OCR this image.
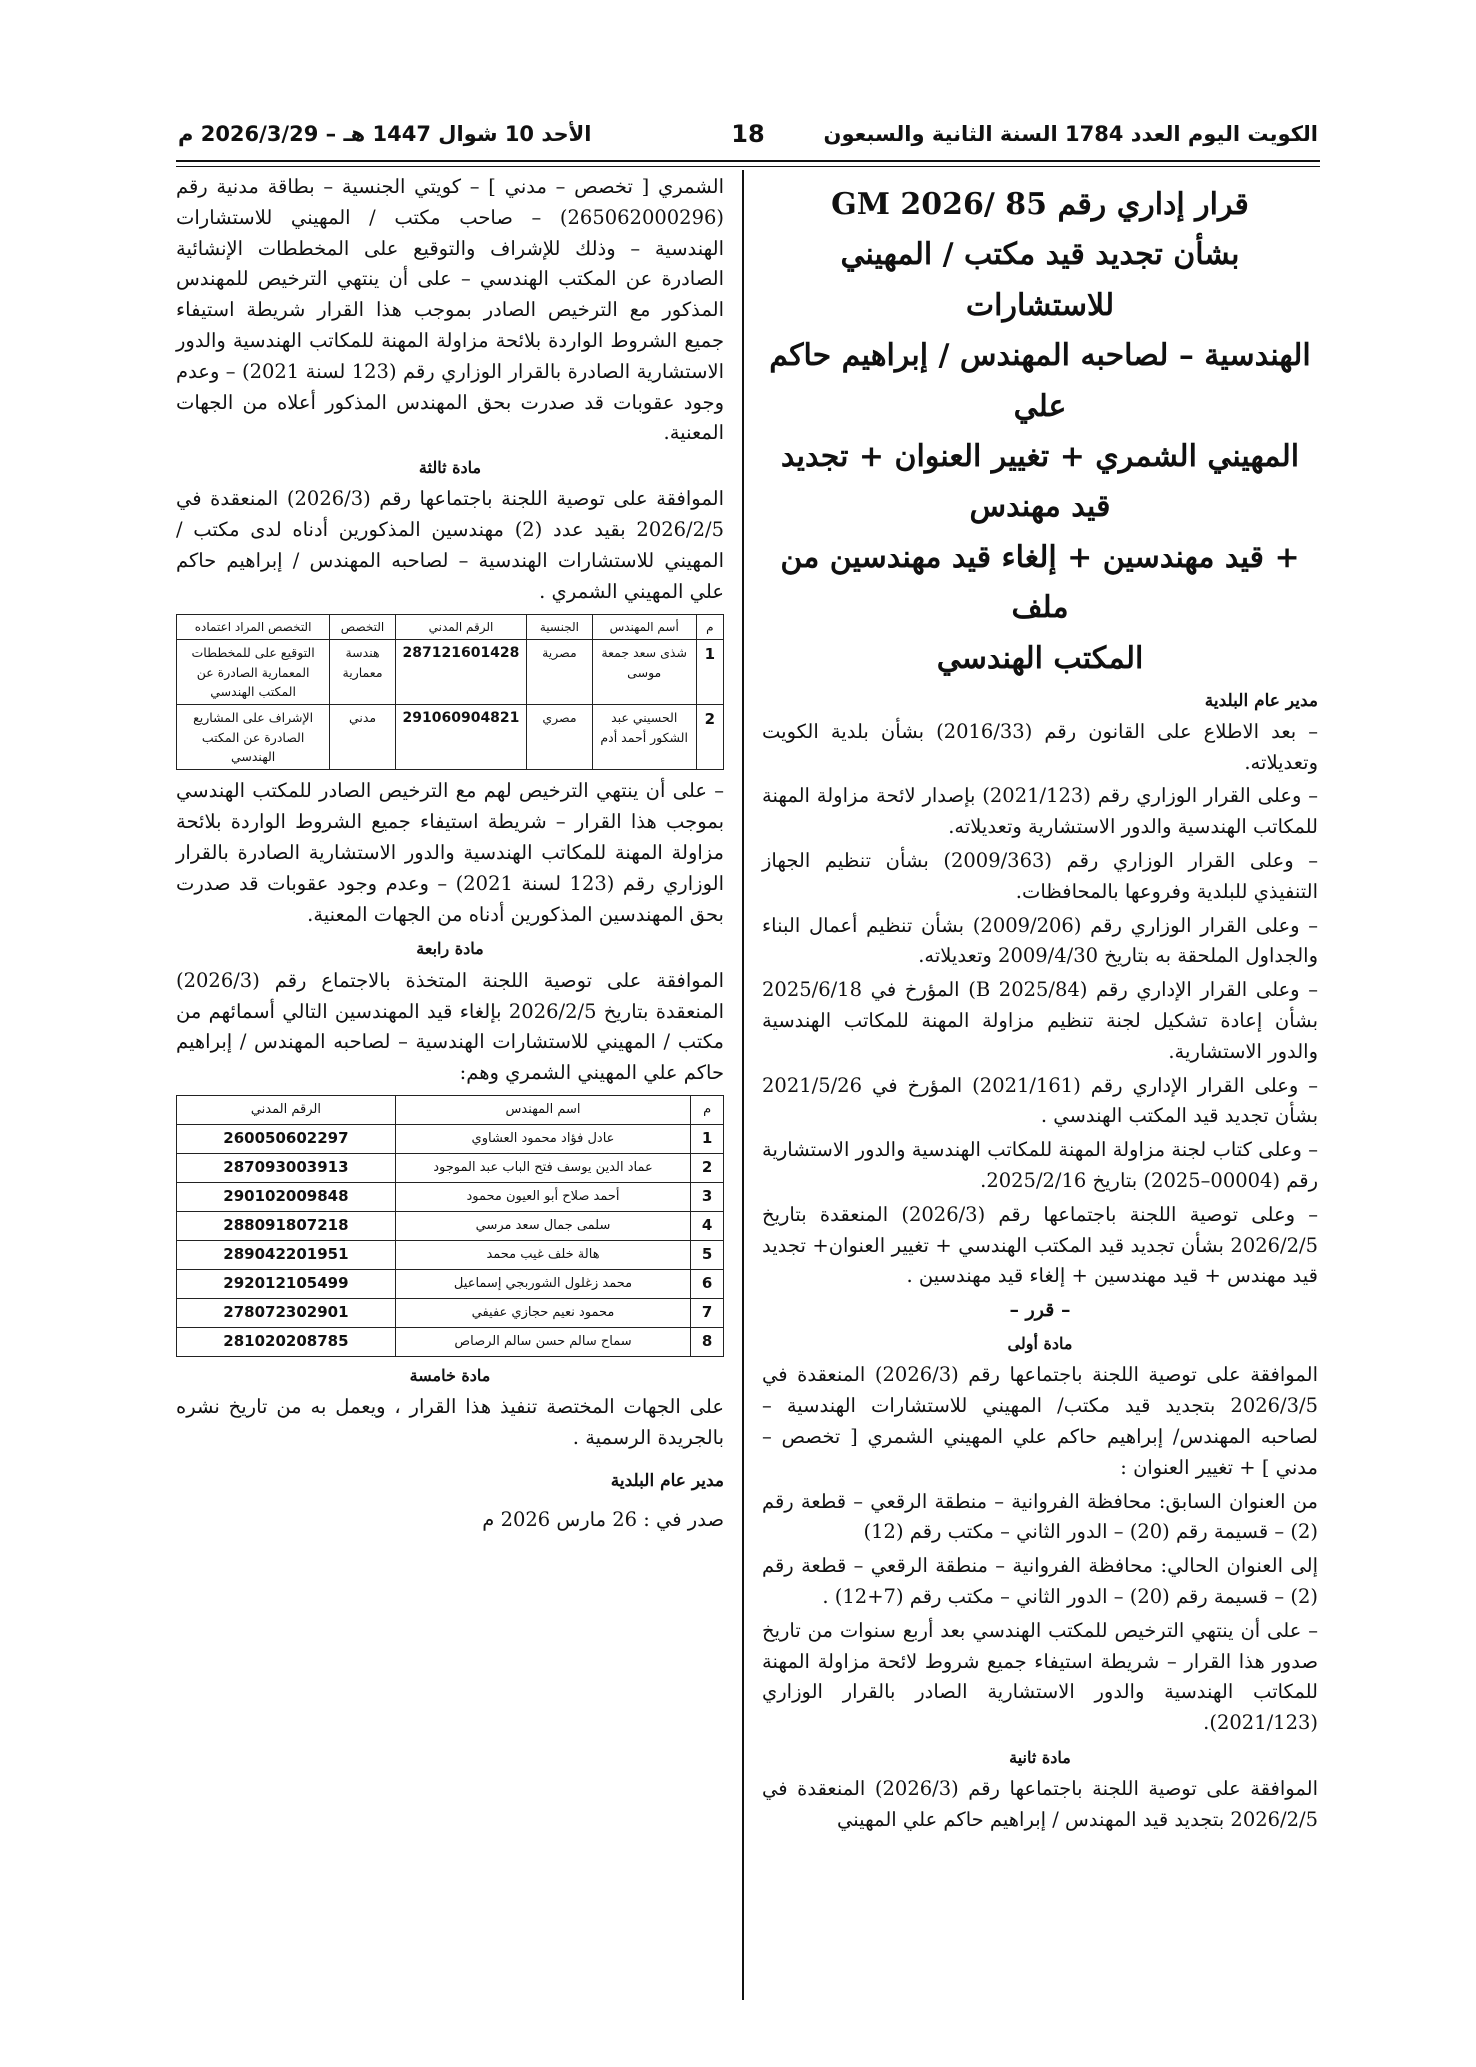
الكويت اليوم العدد 1784 السنة الثانية والسبعون
18
الأحد 10 شوال 1447 هـ – 2026/3/29 م
قرار إداري رقم 85 /GM 2026
بشأن تجديد قيد مكتب / المهيني للاستشارات
الهندسية – لصاحبه المهندس / إبراهيم حاكم علي
المهيني الشمري + تغيير العنوان + تجديد قيد مهندس
+ قيد مهندسين + إلغاء قيد مهندسين من ملف
المكتب الهندسي
مدير عام البلدية

– بعد الاطلاع على القانون رقم (2016/33) بشأن بلدية الكويت وتعديلاته.

– وعلى القرار الوزاري رقم (2021/123) بإصدار لائحة مزاولة المهنة للمكاتب الهندسية والدور الاستشارية وتعديلاته.

– وعلى القرار الوزاري رقم (2009/363) بشأن تنظيم الجهاز التنفيذي للبلدية وفروعها بالمحافظات.

– وعلى القرار الوزاري رقم (2009/206) بشأن تنظيم أعمال البناء والجداول الملحقة به بتاريخ 2009/4/30 وتعديلاته.

– وعلى القرار الإداري رقم (B 2025/84) المؤرخ في 2025/6/18 بشأن إعادة تشكيل لجنة تنظيم مزاولة المهنة للمكاتب الهندسية والدور الاستشارية.

– وعلى القرار الإداري رقم (2021/161) المؤرخ في 2021/5/26 بشأن تجديد قيد المكتب الهندسي .

– وعلى كتاب لجنة مزاولة المهنة للمكاتب الهندسية والدور الاستشارية رقم (00004–2025) بتاريخ 2025/2/16.

– وعلى توصية اللجنة باجتماعها رقم (2026/3) المنعقدة بتاريخ 2026/2/5 بشأن تجديد قيد المكتب الهندسي + تغيير العنوان+ تجديد قيد مهندس + قيد مهندسين + إلغاء قيد مهندسين .

– قرر –
مادة أولى

الموافقة على توصية اللجنة باجتماعها رقم (2026/3) المنعقدة في 2026/3/5 بتجديد قيد مكتب/ المهيني للاستشارات الهندسية – لصاحبه المهندس/ إبراهيم حاكم علي المهيني الشمري [ تخصص – مدني ] + تغيير العنوان :

من العنوان السابق: محافظة الفروانية – منطقة الرقعي – قطعة رقم (2) – قسيمة رقم (20) – الدور الثاني – مكتب رقم (12)

إلى العنوان الحالي: محافظة الفروانية – منطقة الرقعي – قطعة رقم (2) – قسيمة رقم (20) – الدور الثاني – مكتب رقم (7+12) .

– على أن ينتهي الترخيص للمكتب الهندسي بعد أربع سنوات من تاريخ صدور هذا القرار – شريطة استيفاء جميع شروط لائحة مزاولة المهنة للمكاتب الهندسية والدور الاستشارية الصادر بالقرار الوزاري (2021/123).

مادة ثانية

الموافقة على توصية اللجنة باجتماعها رقم (2026/3) المنعقدة في 2026/2/5 بتجديد قيد المهندس / إبراهيم حاكم علي المهيني

الشمري [ تخصص – مدني ] – كويتي الجنسية – بطاقة مدنية رقم (265062000296) – صاحب مكتب / المهيني للاستشارات الهندسية – وذلك للإشراف والتوقيع على المخططات الإنشائية الصادرة عن المكتب الهندسي – على أن ينتهي الترخيص للمهندس المذكور مع الترخيص الصادر بموجب هذا القرار شريطة استيفاء جميع الشروط الواردة بلائحة مزاولة المهنة للمكاتب الهندسية والدور الاستشارية الصادرة بالقرار الوزاري رقم (123 لسنة 2021) – وعدم وجود عقوبات قد صدرت بحق المهندس المذكور أعلاه من الجهات المعنية.

مادة ثالثة

الموافقة على توصية اللجنة باجتماعها رقم (2026/3) المنعقدة في 2026/2/5 بقيد عدد (2) مهندسين المذكورين أدناه لدى مكتب / المهيني للاستشارات الهندسية – لصاحبه المهندس / إبراهيم حاكم علي المهيني الشمري .

م	أسم المهندس	الجنسية	الرقم المدني	التخصص	التخصص المراد اعتماده
1	شذى سعد جمعة موسى	مصرية	287121601428	هندسة معمارية	التوقيع على للمخططات المعمارية الصادرة عن المكتب الهندسي
2	الحسيني عبد الشكور أحمد أدم	مصري	291060904821	مدني	الإشراف على المشاريع الصادرة عن المكتب الهندسي

– على أن ينتهي الترخيص لهم مع الترخيص الصادر للمكتب الهندسي بموجب هذا القرار – شريطة استيفاء جميع الشروط الواردة بلائحة مزاولة المهنة للمكاتب الهندسية والدور الاستشارية الصادرة بالقرار الوزاري رقم (123 لسنة 2021) – وعدم وجود عقوبات قد صدرت بحق المهندسين المذكورين أدناه من الجهات المعنية.

مادة رابعة

الموافقة على توصية اللجنة المتخذة بالاجتماع رقم (2026/3) المنعقدة بتاريخ 2026/2/5 بإلغاء قيد المهندسين التالي أسمائهم من مكتب / المهيني للاستشارات الهندسية – لصاحبه المهندس / إبراهيم حاكم علي المهيني الشمري وهم:

م	اسم المهندس	الرقم المدني
1	عادل فؤاد محمود العشاوي	260050602297
2	عماد الدين يوسف فتح الباب عبد الموجود	287093003913
3	أحمد صلاح أبو العيون محمود	290102009848
4	سلمى جمال سعد مرسي	288091807218
5	هالة خلف غيب محمد	289042201951
6	محمد زغلول الشوربجي إسماعيل	292012105499
7	محمود نعيم حجازي عفيفي	278072302901
8	سماح سالم حسن سالم الرصاص	281020208785
مادة خامسة

على الجهات المختصة تنفيذ هذا القرار ، ويعمل به من تاريخ نشره بالجريدة الرسمية .

مدير عام البلدية
صدر في : 26 مارس 2026 م
